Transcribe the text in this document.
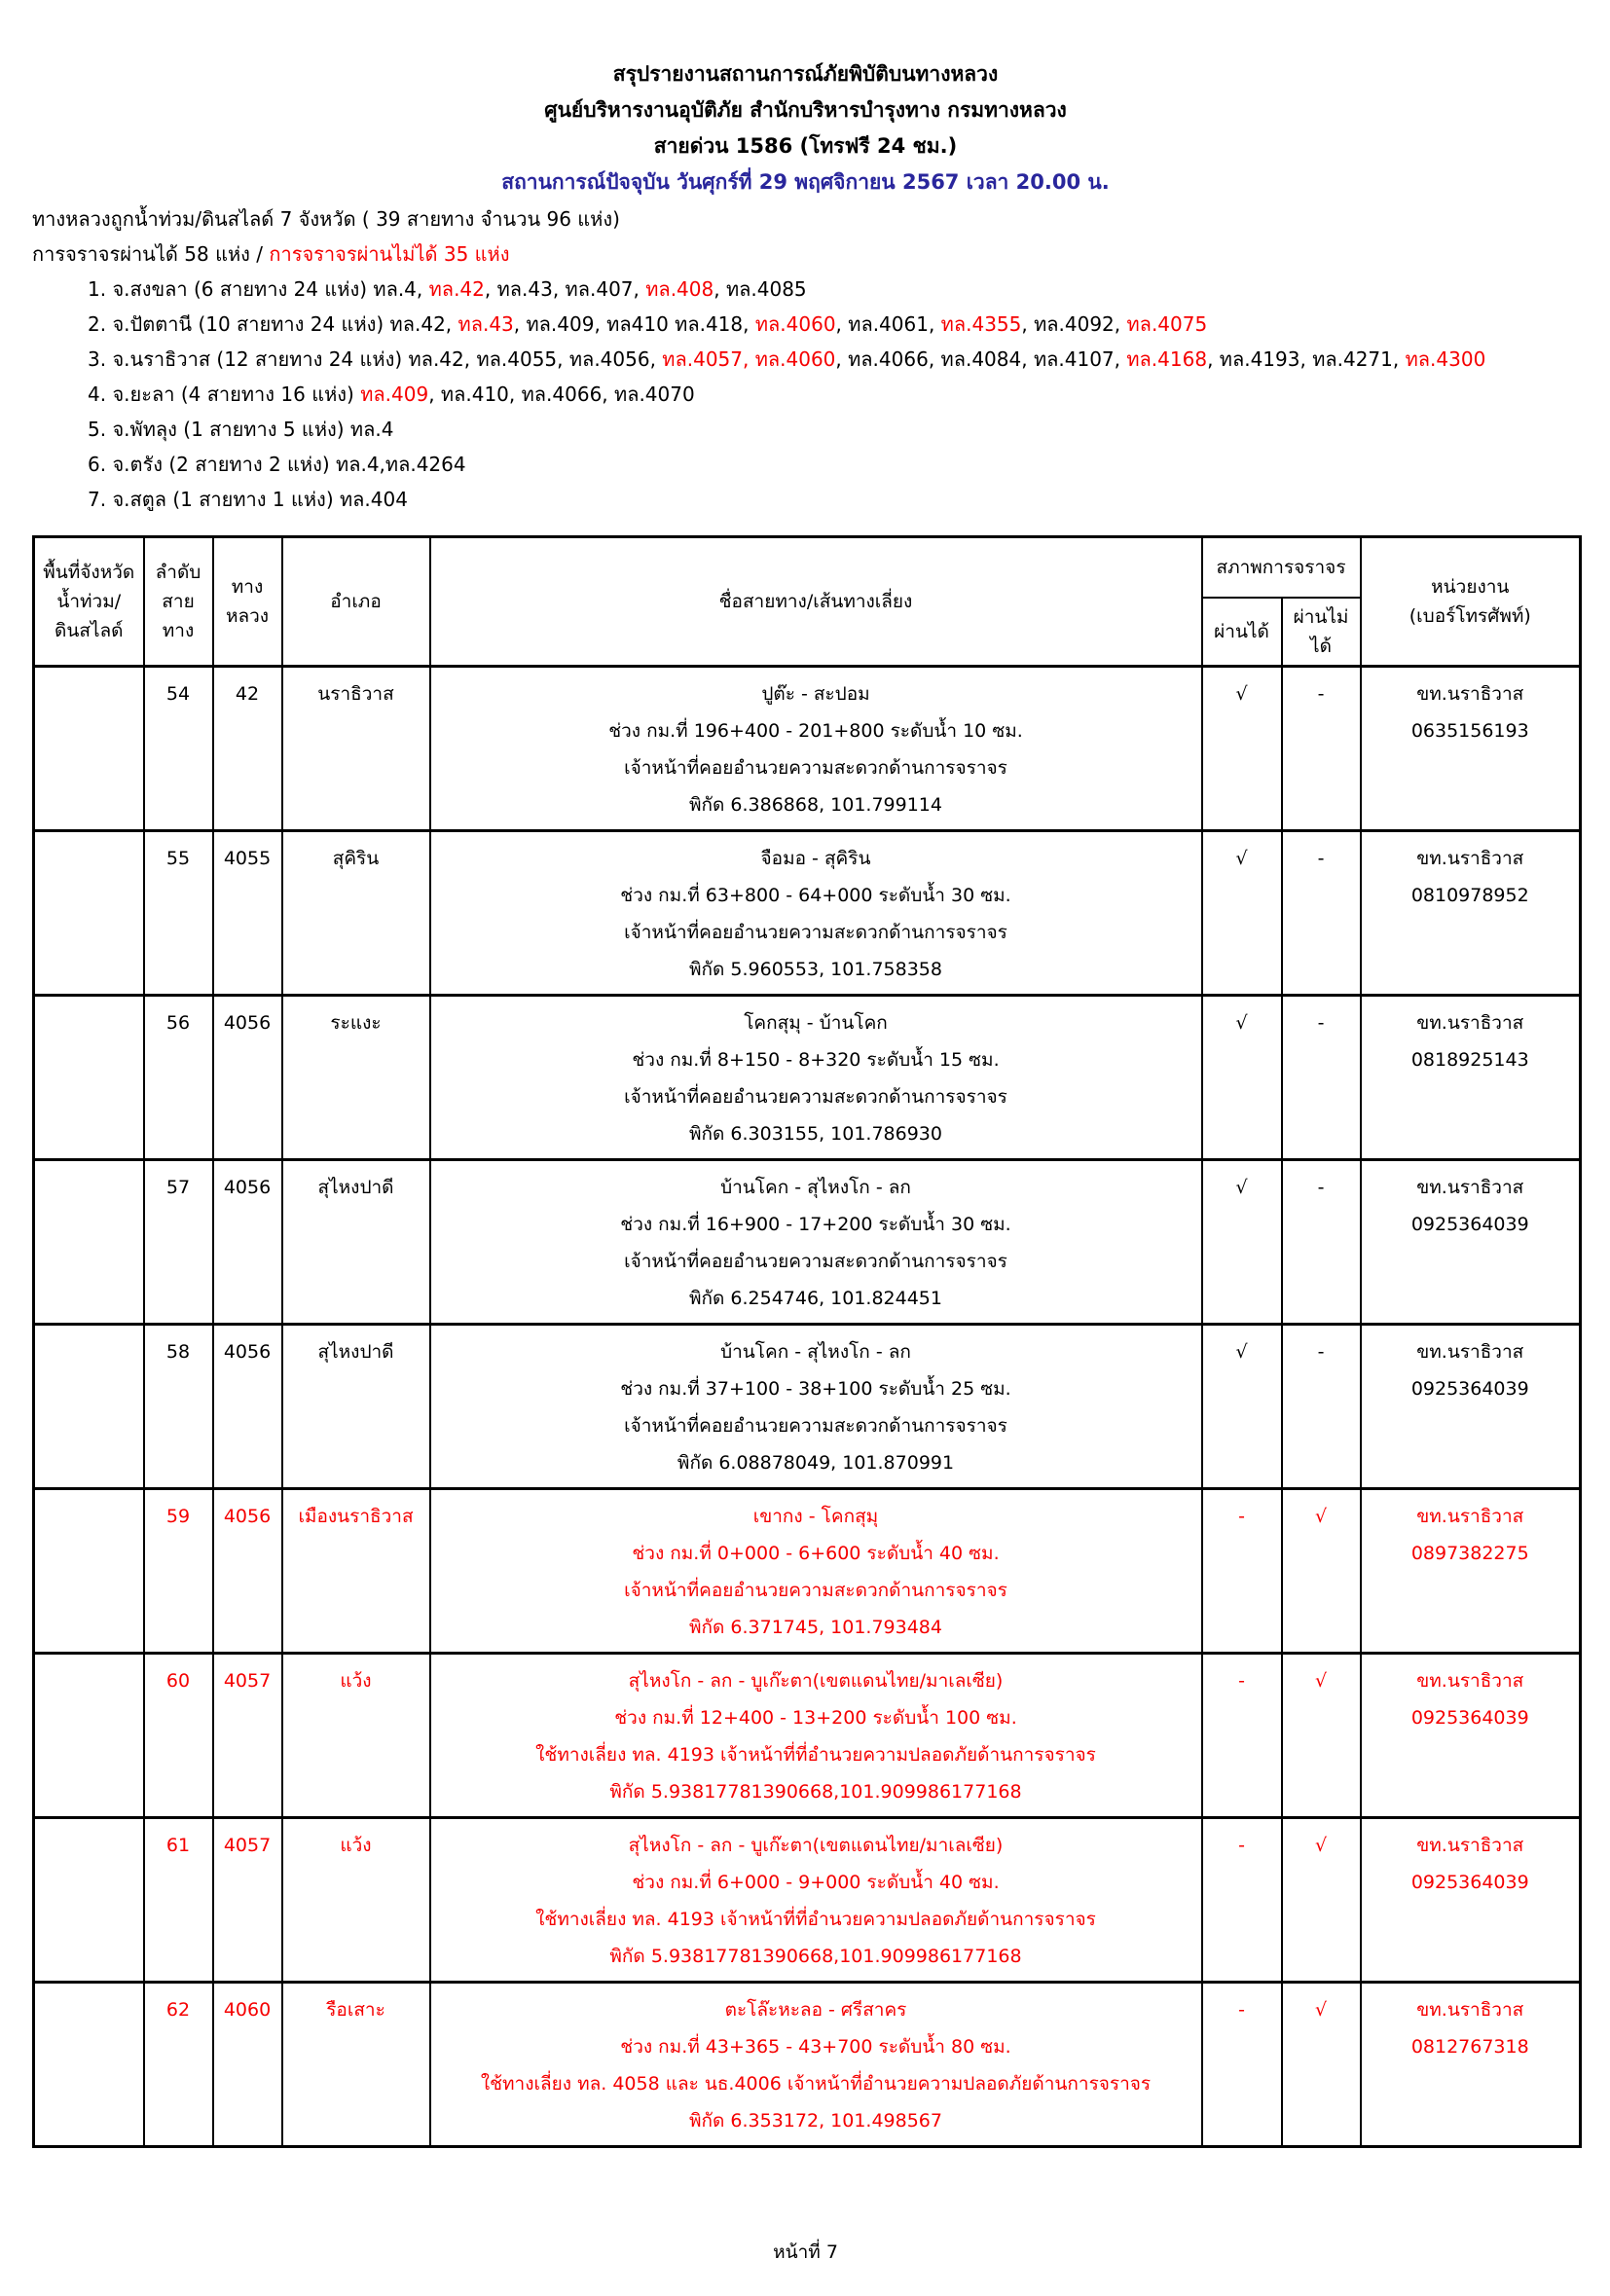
สรุปรายงานสถานการณ์ภัยพิบัติบนทางหลวง

ศูนย์บริหารงานอุบัติภัย สำนักบริหารบำรุงทาง กรมทางหลวง

สายด่วน 1586 (โทรฟรี 24 ชม.)

สถานการณ์ปัจจุบัน วันศุกร์ที่ 29 พฤศจิกายน 2567 เวลา 20.00 น.

ทางหลวงถูกน้ำท่วม/ดินสไลด์ 7 จังหวัด ( 39 สายทาง จำนวน 96 แห่ง)

การจราจรผ่านได้ 58 แห่ง / การจราจรผ่านไม่ได้ 35 แห่ง

1. จ.สงขลา (6 สายทาง 24 แห่ง) ทล.4, ทล.42, ทล.43, ทล.407, ทล.408, ทล.4085

2. จ.ปัตตานี (10 สายทาง 24 แห่ง) ทล.42, ทล.43, ทล.409, ทล410 ทล.418, ทล.4060, ทล.4061, ทล.4355, ทล.4092, ทล.4075

3. จ.นราธิวาส (12 สายทาง 24 แห่ง) ทล.42, ทล.4055, ทล.4056, ทล.4057, ทล.4060, ทล.4066, ทล.4084, ทล.4107, ทล.4168, ทล.4193, ทล.4271, ทล.4300

4. จ.ยะลา (4 สายทาง 16 แห่ง) ทล.409, ทล.410, ทล.4066, ทล.4070

5. จ.พัทลุง (1 สายทาง 5 แห่ง) ทล.4

6. จ.ตรัง (2 สายทาง 2 แห่ง) ทล.4,ทล.4264

7. จ.สตูล (1 สายทาง 1 แห่ง) ทล.404

พื้นที่จังหวัด
น้ำท่วม/
ดินสไลด์

ลำดับ
สายทาง

ทาง
หลวง
	อำเภอ	ชื่อสายทาง/เส้นทางเลี่ยง	สภาพการจราจร	
หน่วยงาน
(เบอร์โทรศัพท์)

					ผ่านได้	ผ่านไม่ได้	
	54	42	นราธิวาส	ปูต๊ะ - สะปอม
ช่วง กม.ที่ 196+400 - 201+800 ระดับน้ำ 10 ซม.
เจ้าหน้าที่คอยอำนวยความสะดวกด้านการจราจร
พิกัด 6.386868, 101.799114
	√	-	ขท.นราธิวาส
0635156193

	55	4055	สุคิริน	จือมอ - สุคิริน
ช่วง กม.ที่ 63+800 - 64+000 ระดับน้ำ 30 ซม.
เจ้าหน้าที่คอยอำนวยความสะดวกด้านการจราจร
พิกัด 5.960553, 101.758358
	√	-	ขท.นราธิวาส
0810978952

	56	4056	ระแงะ	โคกสุมุ - บ้านโคก
ช่วง กม.ที่ 8+150 - 8+320 ระดับน้ำ 15 ซม.
เจ้าหน้าที่คอยอำนวยความสะดวกด้านการจราจร
พิกัด 6.303155, 101.786930
	√	-	ขท.นราธิวาส
0818925143

	57	4056	สุไหงปาดี	บ้านโคก - สุไหงโก - ลก
ช่วง กม.ที่ 16+900 - 17+200 ระดับน้ำ 30 ซม.
เจ้าหน้าที่คอยอำนวยความสะดวกด้านการจราจร
พิกัด 6.254746, 101.824451
	√	-	ขท.นราธิวาส
0925364039

	58	4056	สุไหงปาดี	บ้านโคก - สุไหงโก - ลก
ช่วง กม.ที่ 37+100 - 38+100 ระดับน้ำ 25 ซม.
เจ้าหน้าที่คอยอำนวยความสะดวกด้านการจราจร
พิกัด 6.08878049, 101.870991
	√	-	ขท.นราธิวาส
0925364039

	59	4056	เมืองนราธิวาส	เขากง - โคกสุมุ
ช่วง กม.ที่ 0+000 - 6+600 ระดับน้ำ 40 ซม.
เจ้าหน้าที่คอยอำนวยความสะดวกด้านการจราจร
พิกัด 6.371745, 101.793484
	-	√	ขท.นราธิวาส
0897382275

	60	4057	แว้ง	สุไหงโก - ลก - บูเก๊ะตา(เขตแดนไทย/มาเลเซีย)
ช่วง กม.ที่ 12+400 - 13+200 ระดับน้ำ 100 ซม.
ใช้ทางเลี่ยง ทล. 4193 เจ้าหน้าที่ที่อำนวยความปลอดภัยด้านการจราจร
พิกัด 5.93817781390668,101.909986177168
	-	√	ขท.นราธิวาส
0925364039

	61	4057	แว้ง	สุไหงโก - ลก - บูเก๊ะตา(เขตแดนไทย/มาเลเซีย)
ช่วง กม.ที่ 6+000 - 9+000 ระดับน้ำ 40 ซม.
ใช้ทางเลี่ยง ทล. 4193 เจ้าหน้าที่ที่อำนวยความปลอดภัยด้านการจราจร
พิกัด 5.93817781390668,101.909986177168
	-	√	ขท.นราธิวาส
0925364039

	62	4060	รือเสาะ	ตะโล๊ะหะลอ - ศรีสาคร
ช่วง กม.ที่ 43+365 - 43+700 ระดับน้ำ 80 ซม.
ใช้ทางเลี่ยง ทล. 4058 และ นธ.4006 เจ้าหน้าที่อำนวยความปลอดภัยด้านการจราจร
พิกัด 6.353172, 101.498567
	-	√	ขท.นราธิวาส
0812767318
หน้าที่ 7
